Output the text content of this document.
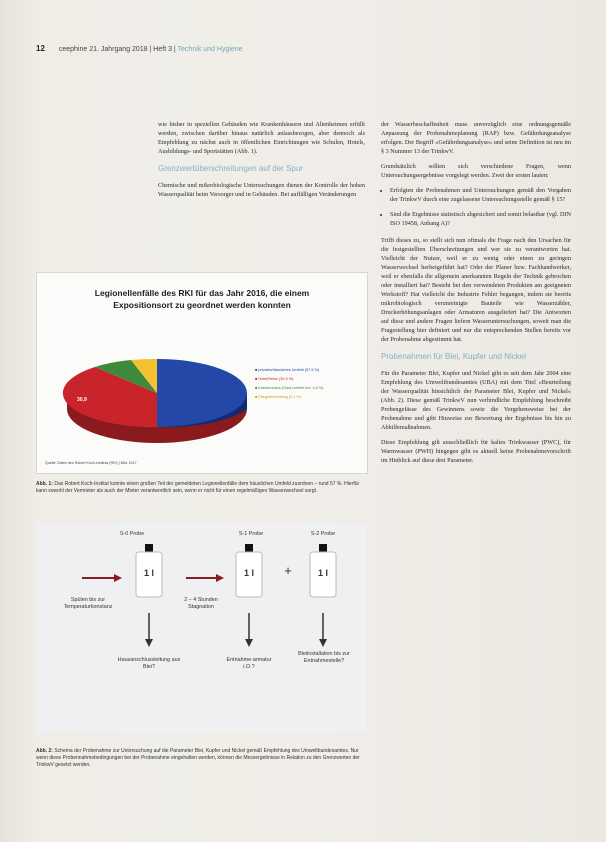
12 ceephine 21. Jahrgang 2018 | Heft 3 | Technik und Hygiene

wie bisher in speziellen Gebäuden wie Krankenhäusern und Altenheimen erfüllt werden, zwischen darüber hinaus natürlich anlassbezogen, aber dennoch als Empfehlung zu nächst auch in öffentlichen Einrichtungen wie Schulen, Hotels, Ausbildungs- und Sportstätten (Abb. 1).

Grenzwertüberschreitungen auf der Spur

Chemische und mikrobiologische Untersuchungen dienen der Kontrolle der hohen Wasserqualität beim Versorger und in Gebäuden. Bei auffälligen Veränderungen

Legionellenfälle des RKI für das Jahr 2016, die einem
Expositionsort zu geordnet werden konnten
30,9
■ privates/häusliches Umfeld (57,5 %)
■ Hotel/Reise (30,9 %)
■ Krankenhaus (Gast-Umfeld etc. 4,4 %)
■ Pflegeeinrichtung (2,1 %)
Quelle: Daten des Robert Koch-Instituts (RKI) | Bild: 2017
Abb. 1: Das Robert Koch-Institut konnte einen großen Teil der gemeldeten Legionellenfälle dem häuslichen Umfeld zuordnen – rund 57 %. Hierfür kann sowohl der Vermieter als auch der Mieter verantwortlich sein, wenn er nicht für einen regelmäßigen Wasserwechsel sorgt.
S-0 Probe	S-1 Probe	S-2 Probe
1 l	1 l	1 l
+
Spülen bis zur Temperaturkonstanz
2 – 4 Stunden Stagnation
Hausanschlussleitung aus Blei?
Entnahme-armatur i.O.?
Bleiinstallation bis zur Entnahmestelle?
Abb. 2: Schema der Probenahme zur Untersuchung auf die Parameter Blei, Kupfer und Nickel gemäß Empfehlung des Umweltbundesamtes. Nur wenn diese Probennahmebedingungen bei der Probenahme eingehalten werden, können die Messergebnisse in Relation zu den Grenzwerten der TrinkwV gesetzt werden.

der Wasserbeschaffenheit muss unverzüglich eine ordnungsgemäße Anpassung der Probenahmeplanung (RAP) bzw. Gefährdungsanalyse erfolgen. Der Begriff »Gefährdungsanalyse« und seine Definition ist neu im § 3 Nummer 13 der TrinkwV.

Grundsätzlich sollten sich verschiedene Fragen, wenn Untersuchungsergebnisse vorgelegt werden. Zwei der ersten lauten:

• Erfolgten die Probenahmen und Untersuchungen gemäß den Vorgaben der TrinkwV durch eine zugelassene Untersuchungsstelle gemäß § 15?
• Sind die Ergebnisse statistisch abgesichert und somit belastbar (vgl. DIN ISO 19458, Anhang A)?

Trifft dieses zu, so stellt sich nun oftmals die Frage nach den Ursachen für die festgestellten Überschreitungen und wer sie zu verantworten hat. Vielleicht der Nutzer, weil er zu wenig oder einen zu geringen Wasserwechsel herbeigeführt hat? Oder der Planer bzw. Fachhandwerker, weil er ebenfalls die allgemein anerkannten Regeln der Technik gebrochen oder installiert hat? Besteht bei den verwendeten Produkten am geeigneten Werkstoff? Hat vielleicht die Industrie Fehler begangen, indem sie bereits mikrobiologisch verunreinigte Bauteile wie Wasserzähler, Druckerhöhungsanlagen oder Armaturen ausgeliefert hat? Die Antworten auf diese und andere Fragen liefern Wasseruntersuchungen, soweit man die Fragestellung hier definiert und nur die entsprechenden Stellen bereits vor der Probenahme abgestimmt hat.

Probenahmen für Blei, Kupfer und Nickel

Für die Parameter Blei, Kupfer und Nickel gibt es seit dem Jahr 2004 eine Empfehlung des Umweltbundesamtes (UBA) mit dem Titel »Beurteilung der Wasserqualität hinsichtlich der Parameter Blei, Kupfer und Nickel« (Abb. 2). Diese gemäß TrinkwV nun verbindliche Empfehlung beschreibt Probengefässe des Gewinnens sowie die Vorgehensweise bei der Probenahme und gibt Hinweise zur Bewertung der Ergebnisse bis hin zu Abhilfemaßnahmen.

Diese Empfehlung gilt ausschließlich für kaltes Trinkwasser (PWC), für Warmwasser (PWH) hingegen gibt es aktuell keine Probenahmevorschrift im Hinblick auf diese drei Parameter.
